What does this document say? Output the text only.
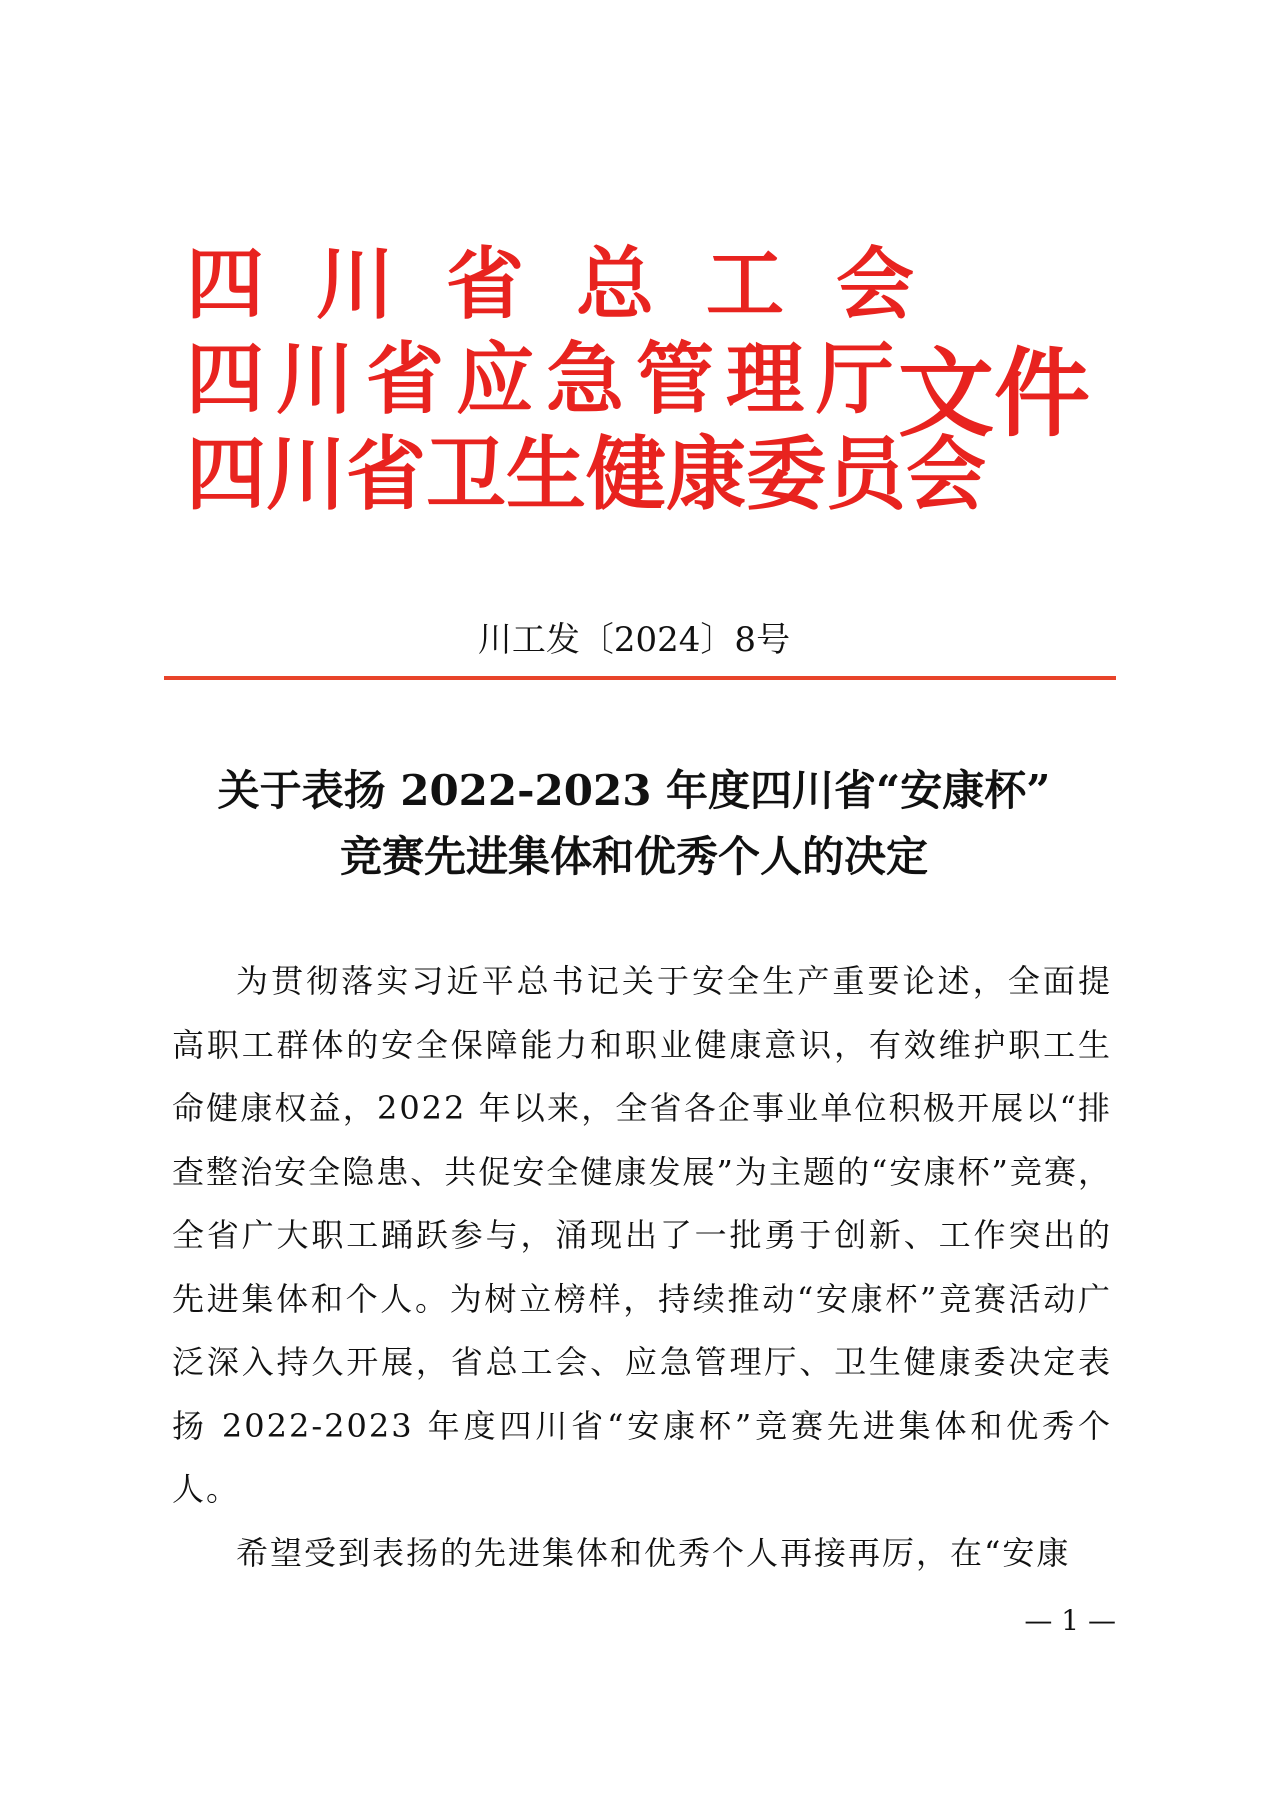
四川省总工会
四川省应急管理厅
四川省卫生健康委员会
文件
川工发〔2024〕8号
关于表扬 2022-2023 年度四川省“安康杯”
竞赛先进集体和优秀个人的决定

为贯彻落实习近平总书记关于安全生产重要论述，全面提高职工群体的安全保障能力和职业健康意识，有效维护职工生命健康权益，2022 年以来，全省各企事业单位积极开展以“排查整治安全隐患、共促安全健康发展”为主题的“安康杯”竞赛，全省广大职工踊跃参与，涌现出了一批勇于创新、工作突出的先进集体和个人。为树立榜样，持续推动“安康杯”竞赛活动广泛深入持久开展，省总工会、应急管理厅、卫生健康委决定表扬 2022-2023 年度四川省“安康杯”竞赛先进集体和优秀个人。

希望受到表扬的先进集体和优秀个人再接再厉，在“安康

— 1 —
